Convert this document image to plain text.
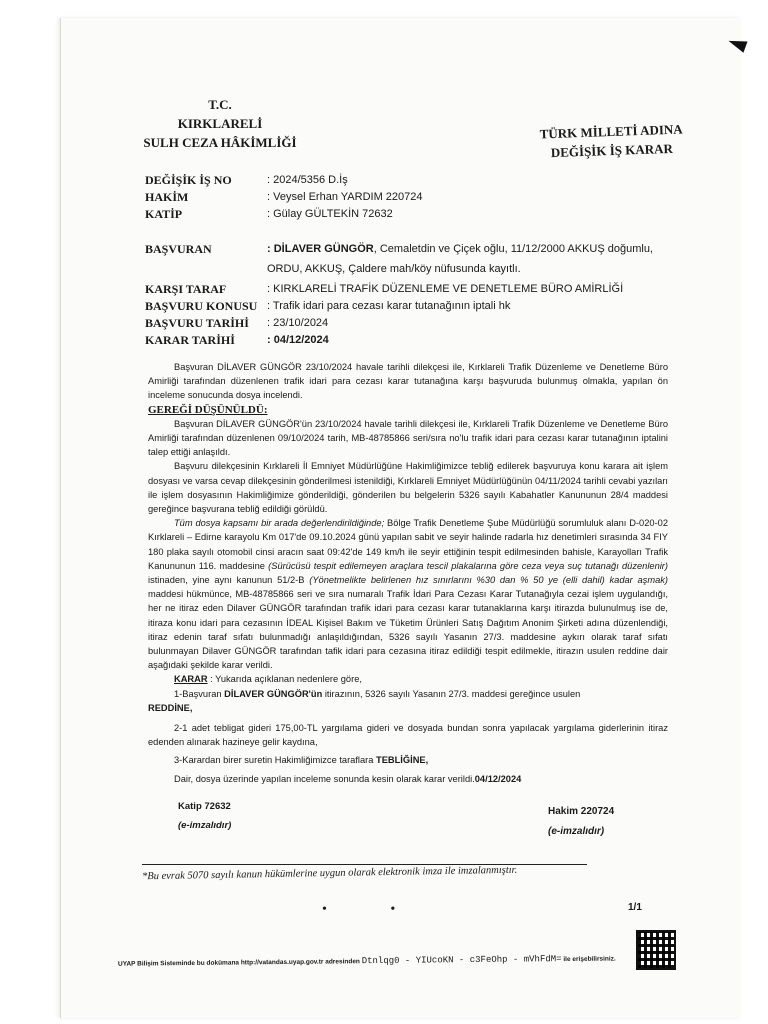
T.C.
KIRKLARELİ
SULH CEZA HÂKİMLİĞİ
TÜRK MİLLETİ ADINA
DEĞİŞİK İŞ KARAR
DEĞİŞİK İŞ NO	: 2024/5356 D.İş
HAKİM	: Veysel Erhan YARDIM 220724
KATİP	: Gülay GÜLTEKİN 72632
BAŞVURAN	: DİLAVER GÜNGÖR, Cemaletdin ve Çiçek oğlu, 11/12/2000 AKKUŞ doğumlu,
ORDU, AKKUŞ, Çaldere mah/köy nüfusunda kayıtlı.
KARŞI TARAF	: KIRKLARELİ TRAFİK DÜZENLEME VE DENETLEME BÜRO AMİRLİĞİ
BAŞVURU KONUSU : Trafik idari para cezası karar tutanağının iptali hk
BAŞVURU TARİHİ	: 23/10/2024
KARAR TARİHİ	: 04/12/2024

Başvuran DİLAVER GÜNGÖR 23/10/2024 havale tarihli dilekçesi ile, Kırklareli Trafik Düzenleme ve Denetleme Büro Amirliği tarafından düzenlenen trafik idari para cezası karar tutanağına karşı başvuruda bulunmuş olmakla, yapılan ön inceleme sonucunda dosya incelendi.

GEREĞİ DÜŞÜNÜLDÜ:

Başvuran DİLAVER GÜNGÖR'ün 23/10/2024 havale tarihli dilekçesi ile, Kırklareli Trafik Düzenleme ve Denetleme Büro Amirliği tarafından düzenlenen 09/10/2024 tarih, MB-48785866 seri/sıra no'lu trafik idari para cezası karar tutanağının iptalini talep ettiği anlaşıldı.

Başvuru dilekçesinin Kırklareli İl Emniyet Müdürlüğüne Hakimliğimizce tebliğ edilerek başvuruya konu karara ait işlem dosyası ve varsa cevap dilekçesinin gönderilmesi istenildiği, Kırklareli Emniyet Müdürlüğünün 04/11/2024 tarihli cevabi yazıları ile işlem dosyasının Hakimliğimize gönderildiği, gönderilen bu belgelerin 5326 sayılı Kabahatler Kanununun 28/4 maddesi gereğince başvurana tebliğ edildiği görüldü.

Tüm dosya kapsamı bir arada değerlendirildiğinde; Bölge Trafik Denetleme Şube Müdürlüğü sorumluluk alanı D-020-02 Kırklareli – Edirne karayolu Km 017'de 09.10.2024 günü yapılan sabit ve seyir halinde radarla hız denetimleri sırasında 34 FIY 180 plaka sayılı otomobil cinsi aracın saat 09:42'de 149 km/h ile seyir ettiğinin tespit edilmesinden bahisle, Karayolları Trafik Kanununun 116. maddesine (Sürücüsü tespit edilemeyen araçlara tescil plakalarına göre ceza veya suç tutanağı düzenlenir) istinaden, yine aynı kanunun 51/2-B (Yönetmelikte belirlenen hız sınırlarını %30 dan % 50 ye (elli dahil) kadar aşmak) maddesi hükmünce, MB-48785866 seri ve sıra numaralı Trafik İdari Para Cezası Karar Tutanağıyla cezai işlem uygulandığı, her ne itiraz eden Dilaver GÜNGÖR tarafından trafik idari para cezası karar tutanaklarına karşı itirazda bulunulmuş ise de, itiraza konu idari para cezasının İDEAL Kişisel Bakım ve Tüketim Ürünleri Satış Dağıtım Anonim Şirketi adına düzenlendiği, itiraz edenin taraf sıfatı bulunmadığı anlaşıldığından, 5326 sayılı Yasanın 27/3. maddesine aykırı olarak taraf sıfatı bulunmayan Dilaver GÜNGÖR tarafından tafik idari para cezasına itiraz edildiği tespit edilmekle, itirazın usulen reddine dair aşağıdaki şekilde karar verildi.

KARAR : Yukarıda açıklanan nedenlere göre,

1-Başvuran DİLAVER GÜNGÖR'ün itirazının, 5326 sayılı Yasanın 27/3. maddesi gereğince usulen

REDDİNE,

2-1 adet tebligat gideri 175,00-TL yargılama gideri ve dosyada bundan sonra yapılacak yargılama giderlerinin itiraz edenden alınarak hazineye gelir kaydına,

3-Karardan birer suretin Hakimliğimizce taraflara TEBLİĞİNE,

Dair, dosya üzerinde yapılan inceleme sonunda kesin olarak karar verildi.04/12/2024

Katip 72632
(e-imzalıdır)
Hakim 220724
(e-imzalıdır)
*Bu evrak 5070 sayılı kanun hükümlerine uygun olarak elektronik imza ile imzalanmıştır.
• •	1/1
UYAP Bilişim Sisteminde bu dokümana http://vatandas.uyap.gov.tr adresinden Dtnlqg0 - YIUcoKN - c3FeOhp - mVhFdM= ile erişebilirsiniz.
